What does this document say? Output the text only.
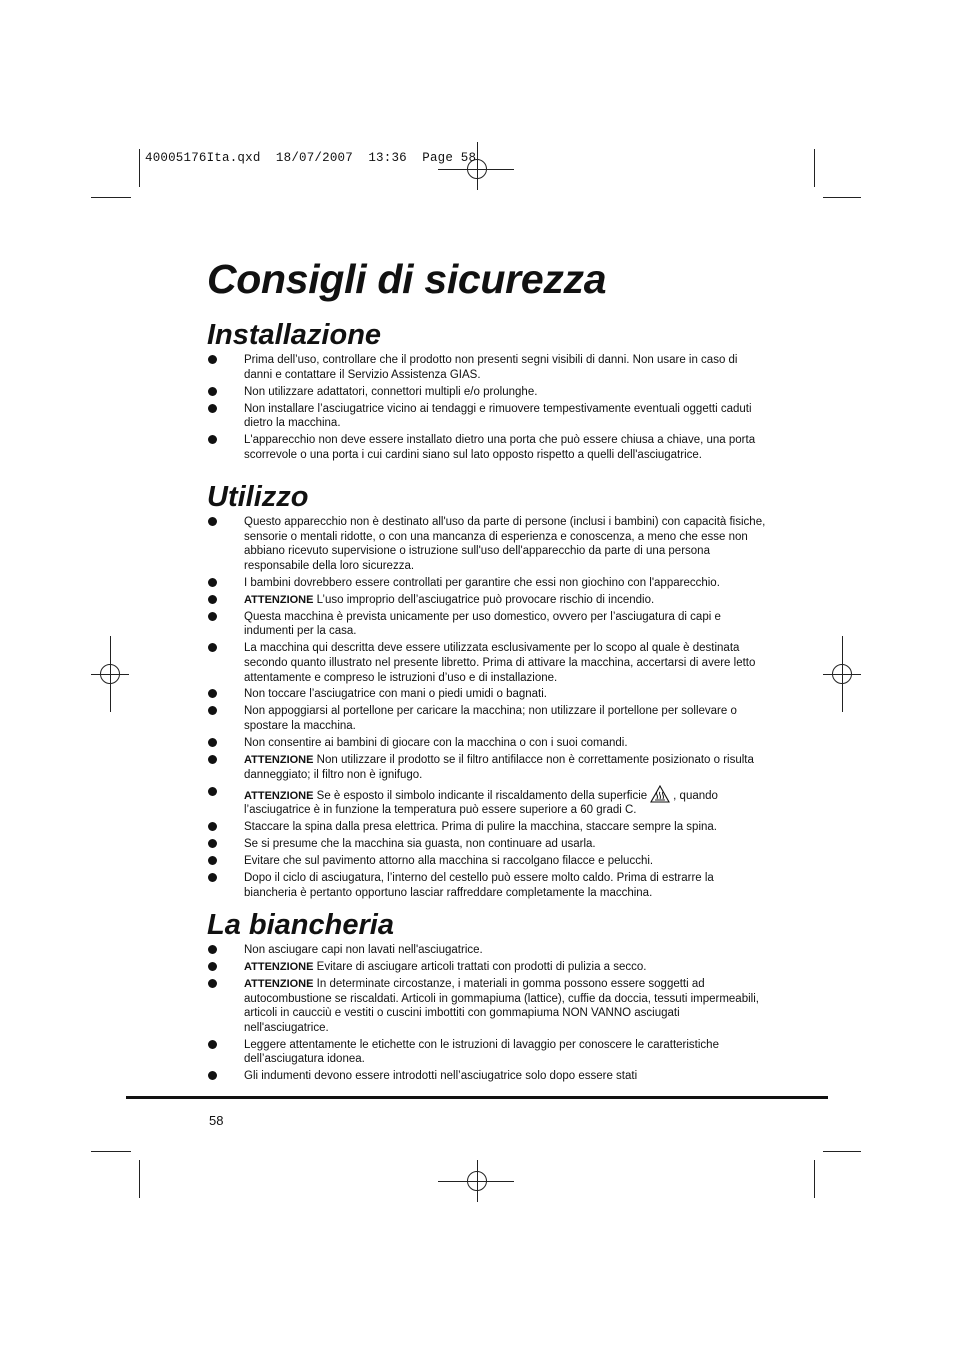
40005176Ita.qxd  18/07/2007  13:36  Page 58
Consigli di sicurezza
Installazione
Prima dell’uso, controllare che il prodotto non presenti segni visibili di danni. Non usare in caso di danni e contattare il Servizio Assistenza GIAS.
Non utilizzare adattatori, connettori multipli e/o prolunghe.
Non installare l’asciugatrice vicino ai tendaggi e rimuovere tempestivamente eventuali oggetti caduti dietro la macchina.
L'apparecchio non deve essere installato dietro una porta che può essere chiusa a chiave, una porta scorrevole o una porta i cui cardini siano sul lato opposto rispetto a quelli dell'asciugatrice.
Utilizzo
Questo apparecchio non è destinato all'uso da parte di persone (inclusi i bambini) con capacità fisiche, sensorie o mentali ridotte, o con una mancanza di esperienza e conoscenza, a meno che esse non abbiano ricevuto supervisione o istruzione sull'uso dell'apparecchio da parte di una persona responsabile della loro sicurezza.
I bambini dovrebbero essere controllati per garantire che essi non giochino con l'apparecchio.
ATTENZIONE L’uso improprio dell’asciugatrice può provocare rischio di incendio.
Questa macchina è prevista unicamente per uso domestico, ovvero per l’asciugatura di capi e indumenti per la casa.
La macchina qui descritta deve essere utilizzata esclusivamente per lo scopo al quale è destinata secondo quanto illustrato nel presente libretto. Prima di attivare la macchina, accertarsi di avere letto attentamente e compreso le istruzioni d’uso e di installazione.
Non toccare l’asciugatrice con mani o piedi umidi o bagnati.
Non appoggiarsi al portellone per caricare la macchina; non utilizzare il portellone per sollevare o spostare la macchina.
Non consentire ai bambini di giocare con la macchina o con i suoi comandi.
ATTENZIONE Non utilizzare il prodotto se il filtro antifilacce non è correttamente posizionato o risulta danneggiato; il filtro non è ignifugo.
ATTENZIONE Se è esposto il simbolo indicante il riscaldamento della superficie , quando l’asciugatrice è in funzione la temperatura può essere superiore a 60 gradi C.
Staccare la spina dalla presa elettrica. Prima di pulire la macchina, staccare sempre la spina.
Se si presume che la macchina sia guasta, non continuare ad usarla.
Evitare che sul pavimento attorno alla macchina si raccolgano filacce e pelucchi.
Dopo il ciclo di asciugatura, l’interno del cestello può essere molto caldo. Prima di estrarre la biancheria è pertanto opportuno lasciar raffreddare completamente la macchina.
La biancheria
Non asciugare capi non lavati nell'asciugatrice.
ATTENZIONE Evitare di asciugare articoli trattati con prodotti di pulizia a secco.
ATTENZIONE In determinate circostanze, i materiali in gomma possono essere soggetti ad autocombustione se riscaldati. Articoli in gommapiuma (lattice), cuffie da doccia, tessuti impermeabili, articoli in caucciù e vestiti o cuscini imbottiti con gommapiuma NON VANNO asciugati nell'asciugatrice.
Leggere attentamente le etichette con le istruzioni di lavaggio per conoscere le caratteristiche dell’asciugatura idonea.
Gli indumenti devono essere introdotti nell’asciugatrice solo dopo essere stati
58
